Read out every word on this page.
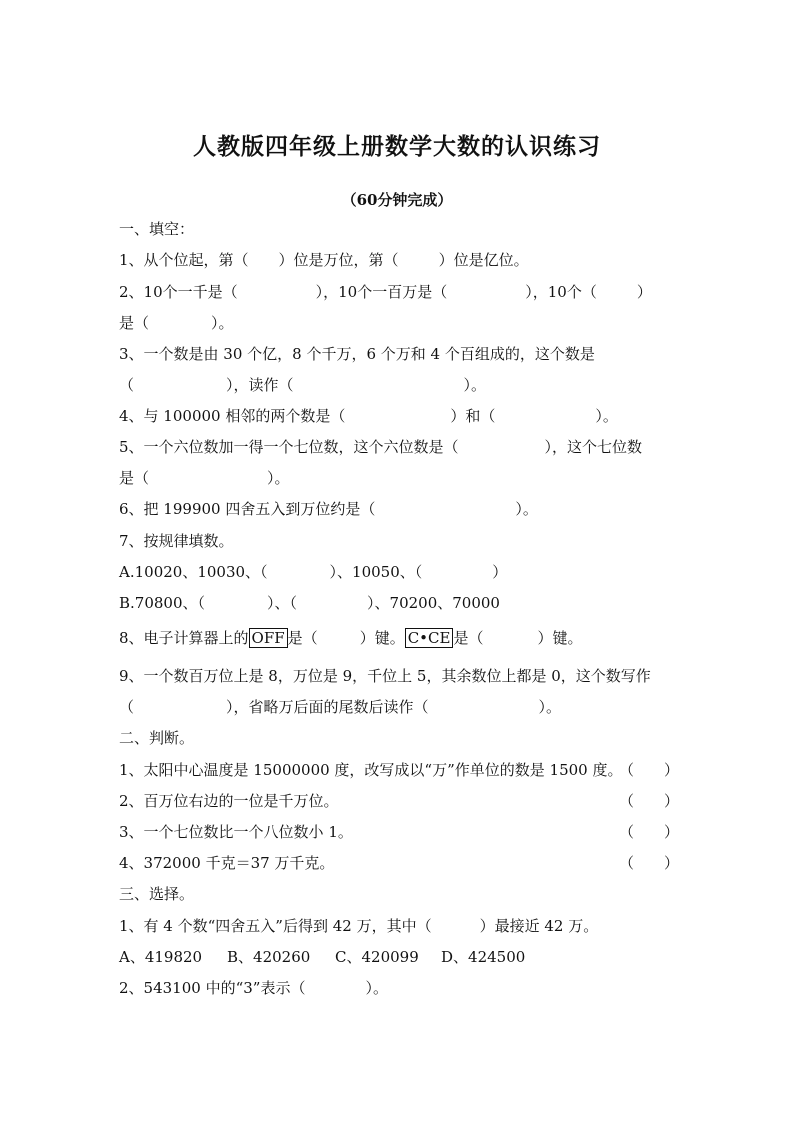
人教版四年级上册数学大数的认识练习
（60分钟完成）
一、填空：
1、从个位起，第（ ）位是万位，第（	）位是亿位。
2、10个一千是（	），10个一百万是（	），10个（	）
是（	）。
3、一个数是由 30 个亿，8 个千万，6 个万和 4 个百组成的，这个数是
（	），读作（	）。
4、与 100000 相邻的两个数是（	）和（	）。
5、一个六位数加一得一个七位数，这个六位数是（	），这个七位数
是（	）。
6、把 199900 四舍五入到万位约是（	）。
7、按规律填数。
A.10020、10030、（	）、10050、（	）
B.70800、（	）、（	）、70200、70000
8、电子计算器上的 OFF 是（	）键。 C•CE 是（	）键。
9、一个数百万位上是 8，万位是 9，千位上 5，其余数位上都是 0，这个数写作
（	），省略万后面的尾数后读作（	）。
二、判断。
1、太阳中心温度是 15000000 度，改写成以“万”作单位的数是 1500 度。
（　　）
2、百万位右边的一位是千万位。	（　　）
3、一个七位数比一个八位数小 1。	（　　）
4、372000 千克＝37 万千克。	（　　）
三、选择。
1、有 4 个数“四舍五入”后得到 42 万，其中（	）最接近 42 万。
A、419820 B、420260 C、420099 D、424500
2、543100 中的“3”表示（	）。
